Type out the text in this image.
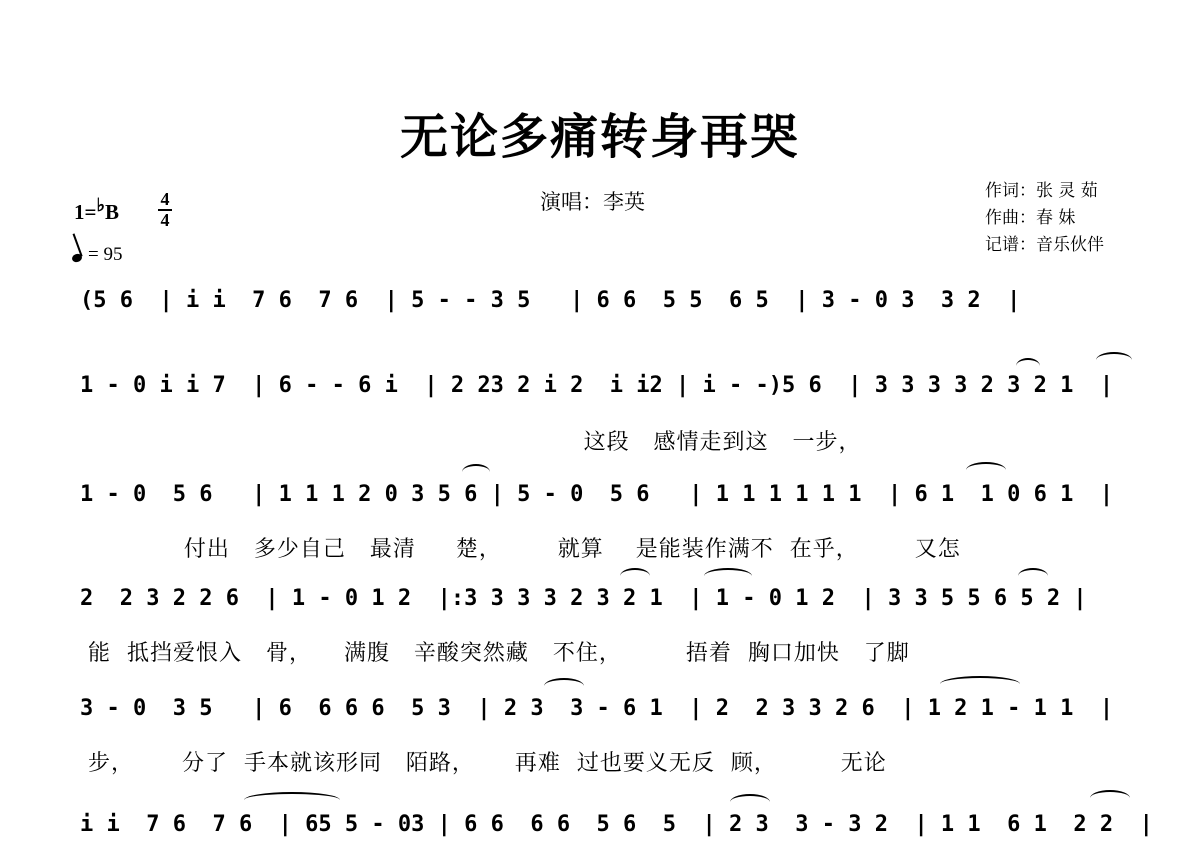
无论多痛转身再哭
演唱：李英	作词：张 灵 茹
作曲：春 妹
记谱：音乐伙伴
1=♭B $\frac{4}{4}$
= 95
(5 6  | i i  7 6  7 6  | 5 - - 3 5   | 6 6  5 5  6 5  | 3 - 0 3  3 2  |
1 - 0 i i 7  | 6 - - 6 i  | 2 23 2 i 2  i i2 | i - -)5 6  | 3 3 3 3 2 3 2 1  |
这段   感情走到这   一步，
1 - 0  5 6   | 1 1 1 2 0 3 5 6 | 5 - 0  5 6   | 1 1 1 1 1 1  | 6 1  1 0 6 1  |
付出   多少自己   最清     楚，       就算    是能装作满不  在乎，       又怎
2  2 3 2 2 6  | 1 - 0 1 2  |:3 3 3 3 2 3 2 1  | 1 - 0 1 2  | 3 3 5 5 6 5 2 |
能  抵挡爱恨入   骨，    满腹   辛酸突然藏   不住，        捂着  胸口加快   了脚
3 - 0  3 5   | 6  6 6 6  5 3  | 2 3  3 - 6 1  | 2  2 3 3 2 6  | 1 2 1 - 1 1  |
步，      分了  手本就该形同   陌路，     再难  过也要义无反  顾，        无论
i i  7 6  7 6  | 65 5 - 03 | 6 6  6 6  5 6  5  | 2 3  3 - 3 2  | 1 1  6 1  2 2  |
